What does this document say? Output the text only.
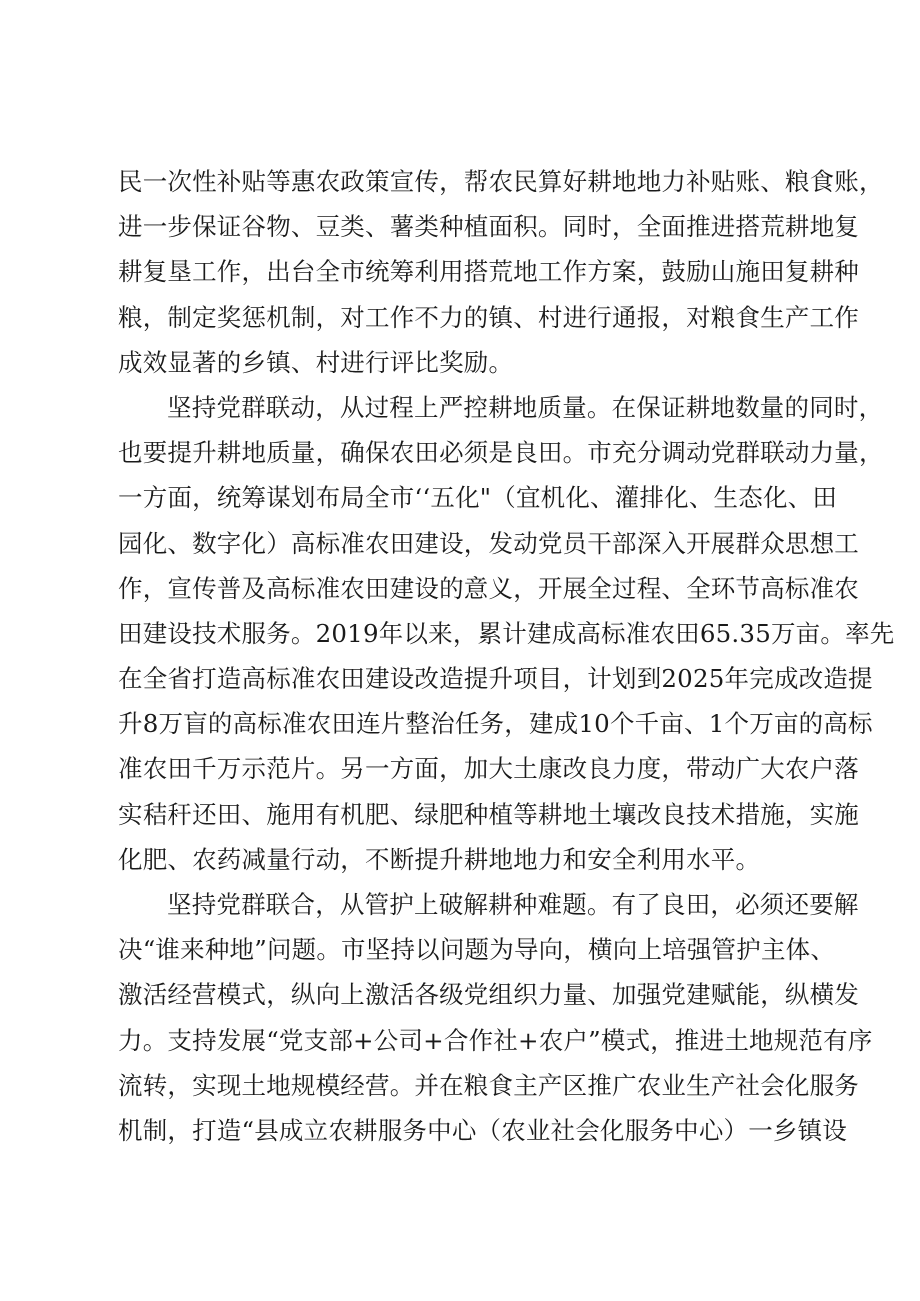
民一次性补贴等惠农政策宣传，帮农民算好耕地地力补贴账、粮食账，
进一步保证谷物、豆类、薯类种植面积。同时，全面推进搭荒耕地复
耕复垦工作，出台全市统筹利用搭荒地工作方案，鼓励山施田复耕种
粮，制定奖惩机制，对工作不力的镇、村进行通报，对粮食生产工作
成效显著的乡镇、村进行评比奖励。
坚持党群联动，从过程上严控耕地质量。在保证耕地数量的同时，
也要提升耕地质量，确保农田必须是良田。市充分调动党群联动力量，
一方面，统筹谋划布局全市‘‘五化"（宜机化、灌排化、生态化、田
园化、数字化）高标准农田建设，发动党员干部深入开展群众思想工
作，宣传普及高标准农田建设的意义，开展全过程、全环节高标准农
田建设技术服务。2019年以来，累计建成高标准农田65.35万亩。率先
在全省打造高标准农田建设改造提升项目，计划到2025年完成改造提
升8万盲的高标准农田连片整治任务，建成10个千亩、1个万亩的高标
准农田千万示范片。另一方面，加大土康改良力度，带动广大农户落
实秸秆还田、施用有机肥、绿肥种植等耕地土壤改良技术措施，实施
化肥、农药减量行动，不断提升耕地地力和安全利用水平。
坚持党群联合，从管护上破解耕种难题。有了良田，必须还要解
决“谁来种地”问题。市坚持以问题为导向，横向上培强管护主体、
激活经营模式，纵向上激活各级党组织力量、加强党建赋能，纵横发
力。支持发展“党支部+公司+合作社+农户”模式，推进土地规范有序
流转，实现土地规模经营。并在粮食主产区推广农业生产社会化服务
机制，打造“县成立农耕服务中心（农业社会化服务中心）一乡镇设
